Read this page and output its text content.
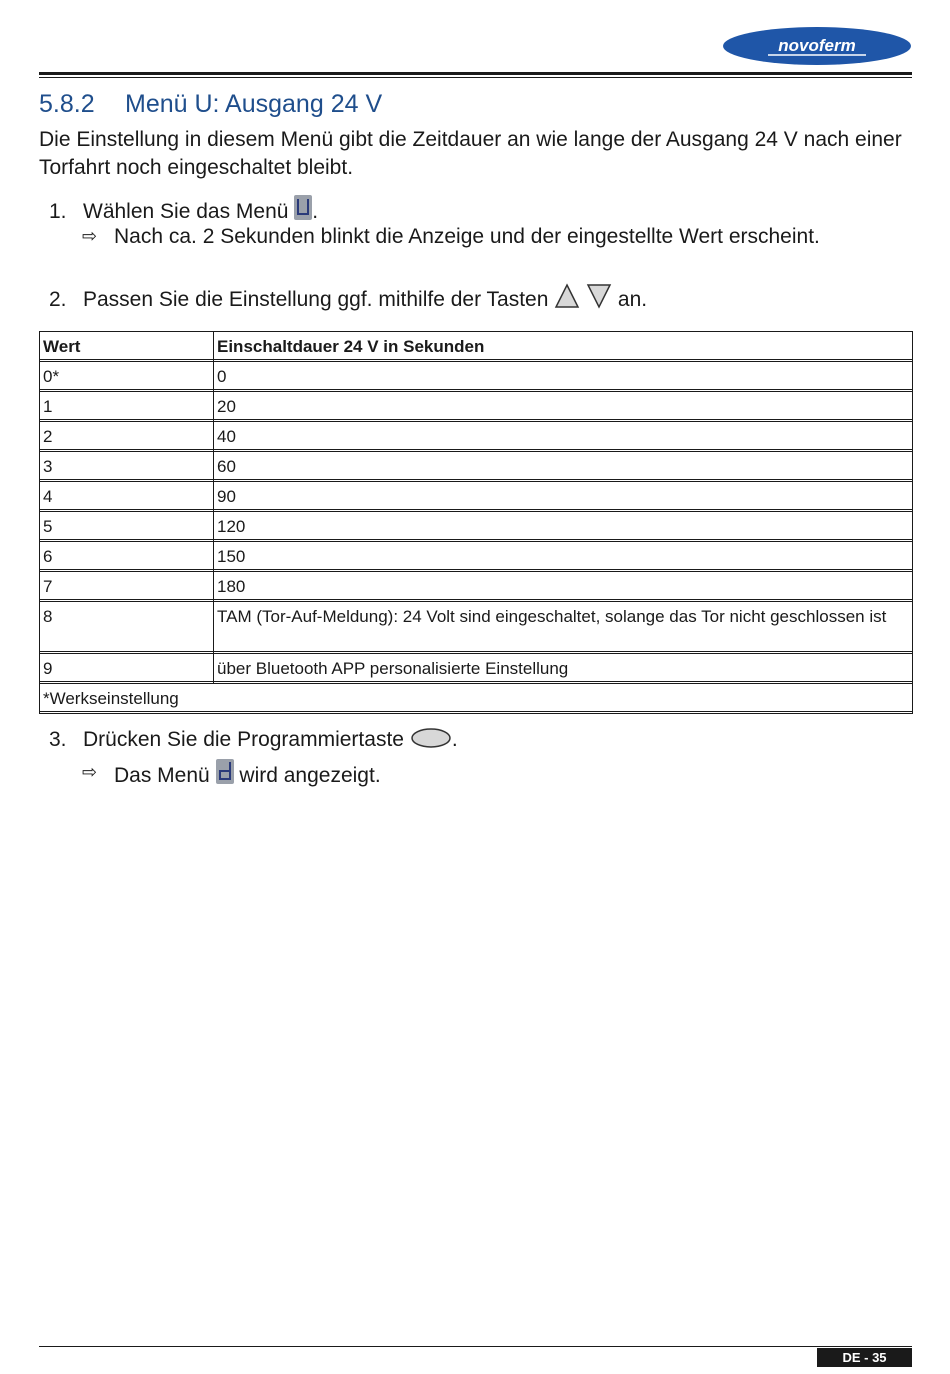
novoferm
5.8.2 Menü U: Ausgang 24 V

Die Einstellung in diesem Menü gibt die Zeitdauer an wie lange der Ausgang 24 V nach einer Torfahrt noch eingeschaltet bleibt.

1. Wählen Sie das Menü .
⇨ Nach ca. 2 Sekunden blinkt die Anzeige und der eingestellte Wert erscheint.
2. Passen Sie die Einstellung ggf. mithilfe der Tasten	an.
Wert	Einschaltdauer 24 V in Sekunden

0*	0

1	20

2	40

3	60

4	90

5	120

6	150

7	180

8	TAM (Tor-Auf-Meldung): 24 Volt sind eingeschaltet, solange das Tor nicht geschlossen ist

9	über Bluetooth APP personalisierte Einstellung

*Werkseinstellung	
3. Drücken Sie die Programmiertaste .
⇨ Das Menü wird angezeigt.
DE - 35
